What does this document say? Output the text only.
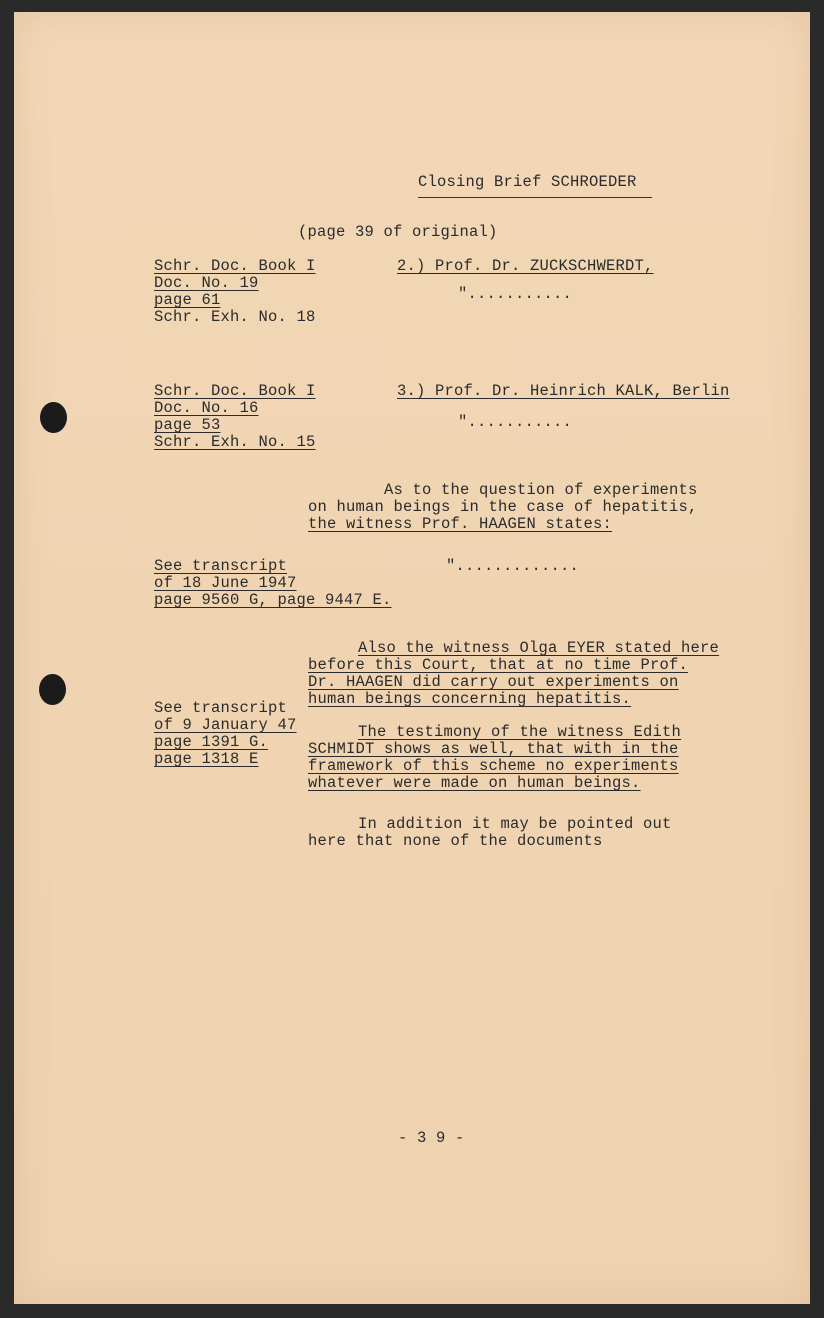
Closing Brief SCHROEDER
(page 39 of original)
Schr. Doc. Book I
Doc. No. 19
page 61
Schr. Exh. No. 18
2.) Prof. Dr. ZUCKSCHWERDT,
"...........
Schr. Doc. Book I
Doc. No. 16
page 53
Schr. Exh. No. 15
3.) Prof. Dr. Heinrich KALK, Berlin
"...........
As to the question of experiments
on human beings in the case of hepatitis,
the witness Prof. HAAGEN states:
See transcript
of 18 June 1947
page 9560 G, page 9447 E.
".............
Also the witness Olga EYER stated here
before this Court, that at no time Prof.
Dr. HAAGEN did carry out experiments on
human beings concerning hepatitis.
See transcript
of 9 January 47
page 1391 G.
page 1318 E
The testimony of the witness Edith
SCHMIDT shows as well, that with in the
framework of this scheme no experiments
whatever were made on human beings.
In addition it may be pointed out
here that none of the documents
- 3 9 -
